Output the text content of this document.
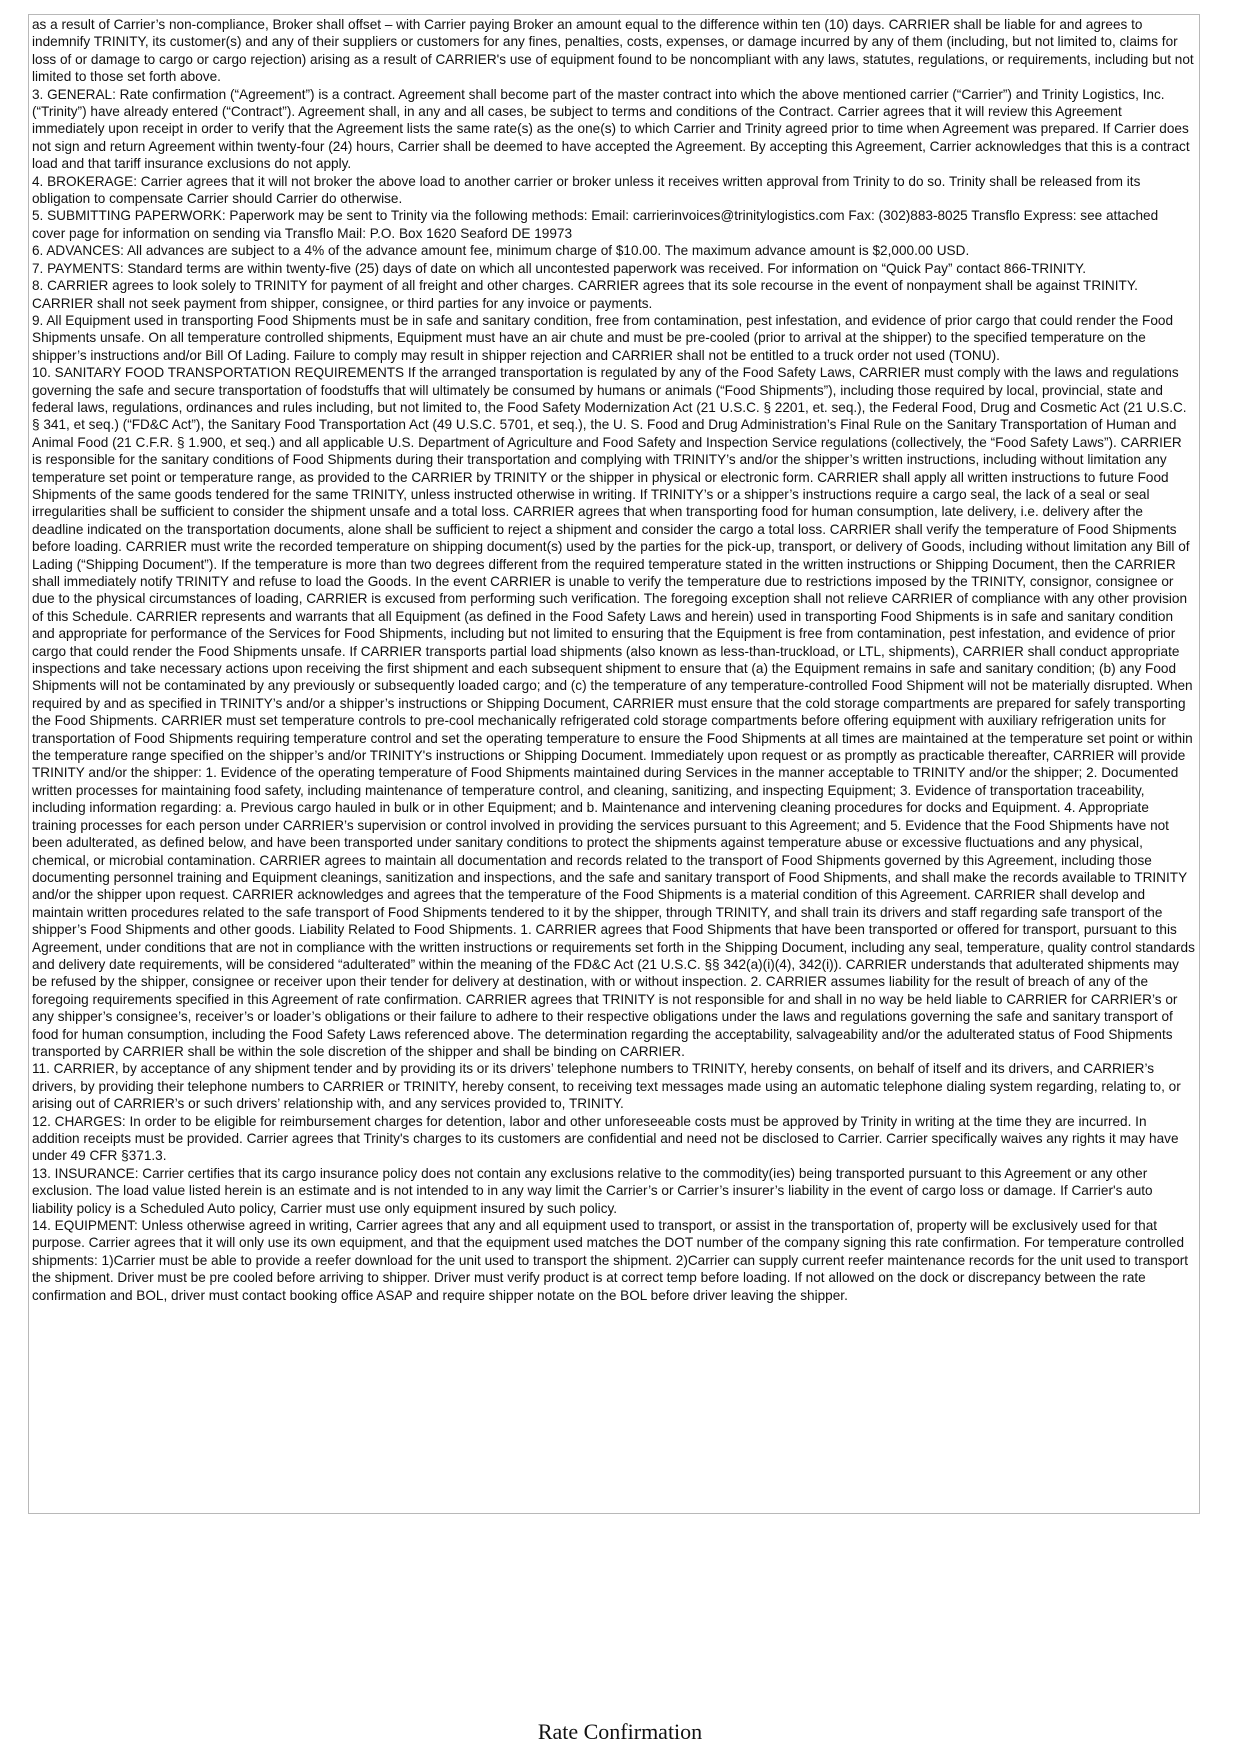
as a result of Carrier’s non-compliance, Broker shall offset – with Carrier paying Broker an amount equal to the difference within ten (10) days. CARRIER shall be liable for and agrees to indemnify TRINITY, its customer(s) and any of their suppliers or customers for any fines, penalties, costs, expenses, or damage incurred by any of them (including, but not limited to, claims for loss of or damage to cargo or cargo rejection) arising as a result of CARRIER's use of equipment found to be noncompliant with any laws, statutes, regulations, or requirements, including but not limited to those set forth above.

3. GENERAL: Rate confirmation (“Agreement”) is a contract. Agreement shall become part of the master contract into which the above mentioned carrier (“Carrier”) and Trinity Logistics, Inc. (“Trinity”) have already entered (“Contract”). Agreement shall, in any and all cases, be subject to terms and conditions of the Contract. Carrier agrees that it will review this Agreement immediately upon receipt in order to verify that the Agreement lists the same rate(s) as the one(s) to which Carrier and Trinity agreed prior to time when Agreement was prepared. If Carrier does not sign and return Agreement within twenty-four (24) hours, Carrier shall be deemed to have accepted the Agreement. By accepting this Agreement, Carrier acknowledges that this is a contract load and that tariff insurance exclusions do not apply.

4. BROKERAGE: Carrier agrees that it will not broker the above load to another carrier or broker unless it receives written approval from Trinity to do so. Trinity shall be released from its obligation to compensate Carrier should Carrier do otherwise.

5. SUBMITTING PAPERWORK: Paperwork may be sent to Trinity via the following methods: Email: carrierinvoices@trinitylogistics.com Fax: (302)883-8025 Transflo Express: see attached cover page for information on sending via Transflo Mail: P.O. Box 1620 Seaford DE 19973

6. ADVANCES: All advances are subject to a 4% of the advance amount fee, minimum charge of $10.00. The maximum advance amount is $2,000.00 USD.

7. PAYMENTS: Standard terms are within twenty-five (25) days of date on which all uncontested paperwork was received. For information on “Quick Pay” contact 866-TRINITY.

8. CARRIER agrees to look solely to TRINITY for payment of all freight and other charges. CARRIER agrees that its sole recourse in the event of nonpayment shall be against TRINITY. CARRIER shall not seek payment from shipper, consignee, or third parties for any invoice or payments.

9. All Equipment used in transporting Food Shipments must be in safe and sanitary condition, free from contamination, pest infestation, and evidence of prior cargo that could render the Food Shipments unsafe. On all temperature controlled shipments, Equipment must have an air chute and must be pre-cooled (prior to arrival at the shipper) to the specified temperature on the shipper’s instructions and/or Bill Of Lading. Failure to comply may result in shipper rejection and CARRIER shall not be entitled to a truck order not used (TONU).

10. SANITARY FOOD TRANSPORTATION REQUIREMENTS If the arranged transportation is regulated by any of the Food Safety Laws, CARRIER must comply with the laws and regulations governing the safe and secure transportation of foodstuffs that will ultimately be consumed by humans or animals (“Food Shipments”), including those required by local, provincial, state and federal laws, regulations, ordinances and rules including, but not limited to, the Food Safety Modernization Act (21 U.S.C. § 2201, et. seq.), the Federal Food, Drug and Cosmetic Act (21 U.S.C. § 341, et seq.) (“FD&C Act”), the Sanitary Food Transportation Act (49 U.S.C. 5701, et seq.), the U. S. Food and Drug Administration’s Final Rule on the Sanitary Transportation of Human and Animal Food (21 C.F.R. § 1.900, et seq.) and all applicable U.S. Department of Agriculture and Food Safety and Inspection Service regulations (collectively, the “Food Safety Laws”). CARRIER is responsible for the sanitary conditions of Food Shipments during their transportation and complying with TRINITY’s and/or the shipper’s written instructions, including without limitation any temperature set point or temperature range, as provided to the CARRIER by TRINITY or the shipper in physical or electronic form. CARRIER shall apply all written instructions to future Food Shipments of the same goods tendered for the same TRINITY, unless instructed otherwise in writing. If TRINITY’s or a shipper’s instructions require a cargo seal, the lack of a seal or seal irregularities shall be sufficient to consider the shipment unsafe and a total loss. CARRIER agrees that when transporting food for human consumption, late delivery, i.e. delivery after the deadline indicated on the transportation documents, alone shall be sufficient to reject a shipment and consider the cargo a total loss. CARRIER shall verify the temperature of Food Shipments before loading. CARRIER must write the recorded temperature on shipping document(s) used by the parties for the pick-up, transport, or delivery of Goods, including without limitation any Bill of Lading (“Shipping Document”). If the temperature is more than two degrees different from the required temperature stated in the written instructions or Shipping Document, then the CARRIER shall immediately notify TRINITY and refuse to load the Goods. In the event CARRIER is unable to verify the temperature due to restrictions imposed by the TRINITY, consignor, consignee or due to the physical circumstances of loading, CARRIER is excused from performing such verification. The foregoing exception shall not relieve CARRIER of compliance with any other provision of this Schedule. CARRIER represents and warrants that all Equipment (as defined in the Food Safety Laws and herein) used in transporting Food Shipments is in safe and sanitary condition and appropriate for performance of the Services for Food Shipments, including but not limited to ensuring that the Equipment is free from contamination, pest infestation, and evidence of prior cargo that could render the Food Shipments unsafe. If CARRIER transports partial load shipments (also known as less-than-truckload, or LTL, shipments), CARRIER shall conduct appropriate inspections and take necessary actions upon receiving the first shipment and each subsequent shipment to ensure that (a) the Equipment remains in safe and sanitary condition; (b) any Food Shipments will not be contaminated by any previously or subsequently loaded cargo; and (c) the temperature of any temperature-controlled Food Shipment will not be materially disrupted. When required by and as specified in TRINITY’s and/or a shipper’s instructions or Shipping Document, CARRIER must ensure that the cold storage compartments are prepared for safely transporting the Food Shipments. CARRIER must set temperature controls to pre-cool mechanically refrigerated cold storage compartments before offering equipment with auxiliary refrigeration units for transportation of Food Shipments requiring temperature control and set the operating temperature to ensure the Food Shipments at all times are maintained at the temperature set point or within the temperature range specified on the shipper’s and/or TRINITY's instructions or Shipping Document. Immediately upon request or as promptly as practicable thereafter, CARRIER will provide TRINITY and/or the shipper: 1. Evidence of the operating temperature of Food Shipments maintained during Services in the manner acceptable to TRINITY and/or the shipper; 2. Documented written processes for maintaining food safety, including maintenance of temperature control, and cleaning, sanitizing, and inspecting Equipment; 3. Evidence of transportation traceability, including information regarding: a. Previous cargo hauled in bulk or in other Equipment; and b. Maintenance and intervening cleaning procedures for docks and Equipment. 4. Appropriate training processes for each person under CARRIER’s supervision or control involved in providing the services pursuant to this Agreement; and 5. Evidence that the Food Shipments have not been adulterated, as defined below, and have been transported under sanitary conditions to protect the shipments against temperature abuse or excessive fluctuations and any physical, chemical, or microbial contamination. CARRIER agrees to maintain all documentation and records related to the transport of Food Shipments governed by this Agreement, including those documenting personnel training and Equipment cleanings, sanitization and inspections, and the safe and sanitary transport of Food Shipments, and shall make the records available to TRINITY and/or the shipper upon request. CARRIER acknowledges and agrees that the temperature of the Food Shipments is a material condition of this Agreement. CARRIER shall develop and maintain written procedures related to the safe transport of Food Shipments tendered to it by the shipper, through TRINITY, and shall train its drivers and staff regarding safe transport of the shipper’s Food Shipments and other goods. Liability Related to Food Shipments. 1. CARRIER agrees that Food Shipments that have been transported or offered for transport, pursuant to this Agreement, under conditions that are not in compliance with the written instructions or requirements set forth in the Shipping Document, including any seal, temperature, quality control standards and delivery date requirements, will be considered “adulterated” within the meaning of the FD&C Act (21 U.S.C. §§ 342(a)(i)(4), 342(i)). CARRIER understands that adulterated shipments may be refused by the shipper, consignee or receiver upon their tender for delivery at destination, with or without inspection. 2. CARRIER assumes liability for the result of breach of any of the foregoing requirements specified in this Agreement of rate confirmation. CARRIER agrees that TRINITY is not responsible for and shall in no way be held liable to CARRIER for CARRIER’s or any shipper’s consignee’s, receiver’s or loader’s obligations or their failure to adhere to their respective obligations under the laws and regulations governing the safe and sanitary transport of food for human consumption, including the Food Safety Laws referenced above. The determination regarding the acceptability, salvageability and/or the adulterated status of Food Shipments transported by CARRIER shall be within the sole discretion of the shipper and shall be binding on CARRIER.

11. CARRIER, by acceptance of any shipment tender and by providing its or its drivers’ telephone numbers to TRINITY, hereby consents, on behalf of itself and its drivers, and CARRIER’s drivers, by providing their telephone numbers to CARRIER or TRINITY, hereby consent, to receiving text messages made using an automatic telephone dialing system regarding, relating to, or arising out of CARRIER’s or such drivers’ relationship with, and any services provided to, TRINITY.

12. CHARGES: In order to be eligible for reimbursement charges for detention, labor and other unforeseeable costs must be approved by Trinity in writing at the time they are incurred. In addition receipts must be provided. Carrier agrees that Trinity's charges to its customers are confidential and need not be disclosed to Carrier. Carrier specifically waives any rights it may have under 49 CFR §371.3.

13. INSURANCE: Carrier certifies that its cargo insurance policy does not contain any exclusions relative to the commodity(ies) being transported pursuant to this Agreement or any other exclusion. The load value listed herein is an estimate and is not intended to in any way limit the Carrier’s or Carrier’s insurer’s liability in the event of cargo loss or damage. If Carrier's auto liability policy is a Scheduled Auto policy, Carrier must use only equipment insured by such policy.

14. EQUIPMENT: Unless otherwise agreed in writing, Carrier agrees that any and all equipment used to transport, or assist in the transportation of, property will be exclusively used for that purpose. Carrier agrees that it will only use its own equipment, and that the equipment used matches the DOT number of the company signing this rate confirmation. For temperature controlled shipments: 1)Carrier must be able to provide a reefer download for the unit used to transport the shipment. 2)Carrier can supply current reefer maintenance records for the unit used to transport the shipment. Driver must be pre cooled before arriving to shipper. Driver must verify product is at correct temp before loading. If not allowed on the dock or discrepancy between the rate confirmation and BOL, driver must contact booking office ASAP and require shipper notate on the BOL before driver leaving the shipper.

Rate Confirmation
